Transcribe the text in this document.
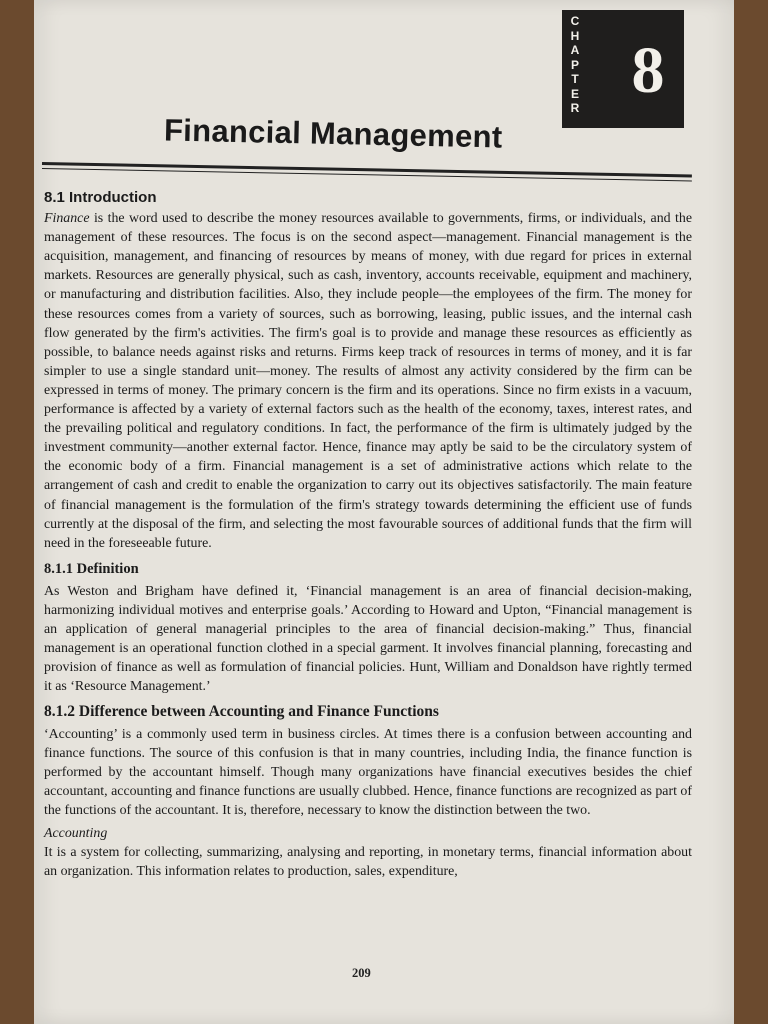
CHAPTER
8
Financial Management
8.1 Introduction

Finance is the word used to describe the money resources available to governments, firms, or individuals, and the management of these resources. The focus is on the second aspect—management. Financial management is the acquisition, management, and financing of resources by means of money, with due regard for prices in external markets. Resources are generally physical, such as cash, inventory, accounts receivable, equipment and machinery, or manufacturing and distribution facilities. Also, they include people—the employees of the firm. The money for these resources comes from a variety of sources, such as borrowing, leasing, public issues, and the internal cash flow generated by the firm's activities. The firm's goal is to provide and manage these resources as efficiently as possible, to balance needs against risks and returns. Firms keep track of resources in terms of money, and it is far simpler to use a single standard unit—money. The results of almost any activity considered by the firm can be expressed in terms of money. The primary concern is the firm and its operations. Since no firm exists in a vacuum, performance is affected by a variety of external factors such as the health of the economy, taxes, interest rates, and the prevailing political and regulatory conditions. In fact, the performance of the firm is ultimately judged by the investment community—another external factor. Hence, finance may aptly be said to be the circulatory system of the economic body of a firm. Financial management is a set of administrative actions which relate to the arrangement of cash and credit to enable the organization to carry out its objectives satisfactorily. The main feature of financial management is the formulation of the firm's strategy towards determining the efficient use of funds currently at the disposal of the firm, and selecting the most favourable sources of additional funds that the firm will need in the foreseeable future.

8.1.1 Definition

As Weston and Brigham have defined it, ‘Financial management is an area of financial decision-making, harmonizing individual motives and enterprise goals.’ According to Howard and Upton, “Financial management is an application of general managerial principles to the area of financial decision-making.” Thus, financial management is an operational function clothed in a special garment. It involves financial planning, forecasting and provision of finance as well as formulation of financial policies. Hunt, William and Donaldson have rightly termed it as ‘Resource Management.’

8.1.2 Difference between Accounting and Finance Functions

‘Accounting’ is a commonly used term in business circles. At times there is a confusion between accounting and finance functions. The source of this confusion is that in many countries, including India, the finance function is performed by the accountant himself. Though many organizations have financial executives besides the chief accountant, accounting and finance functions are usually clubbed. Hence, finance functions are recognized as part of the functions of the accountant. It is, therefore, necessary to know the distinction between the two.

Accounting

It is a system for collecting, summarizing, analysing and reporting, in monetary terms, financial information about an organization. This information relates to production, sales, expenditure,

209
